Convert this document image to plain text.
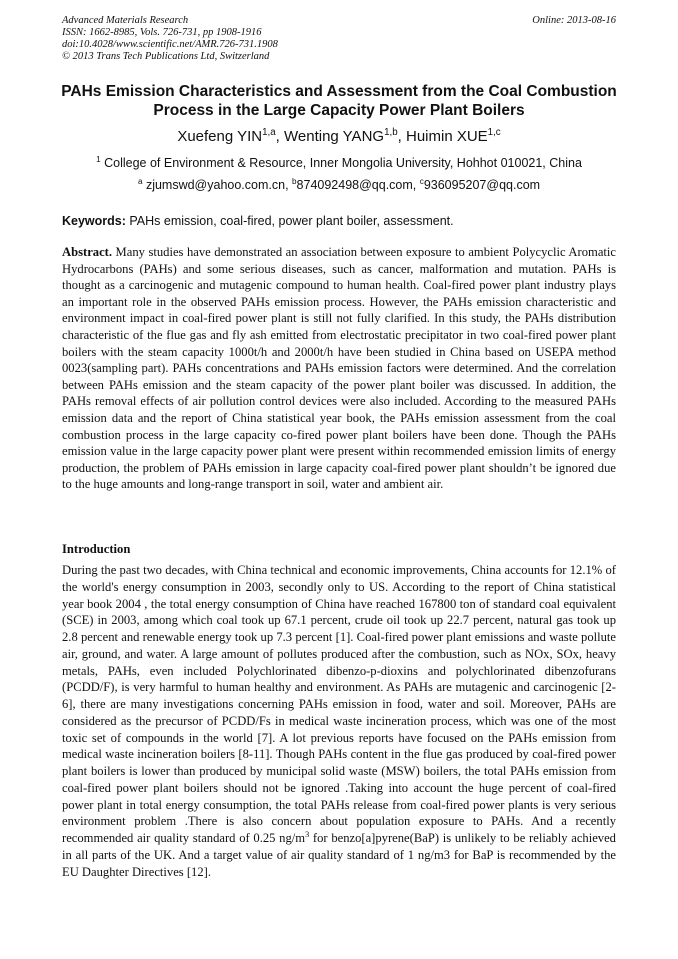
Advanced Materials Research
ISSN: 1662-8985, Vols. 726-731, pp 1908-1916
doi:10.4028/www.scientific.net/AMR.726-731.1908
© 2013 Trans Tech Publications Ltd, Switzerland
Online: 2013-08-16
PAHs Emission Characteristics and Assessment from the Coal Combustion Process in the Large Capacity Power Plant Boilers
Xuefeng YIN$^{1,a}$, Wenting YANG$^{1,b}$, Huimin XUE$^{1,c}$
$^1$ College of Environment & Resource, Inner Mongolia University, Hohhot 010021, China
$^a$ zjumswd@yahoo.com.cn, $^b$874092498@qq.com, $^c$936095207@qq.com
Keywords: PAHs emission, coal-fired, power plant boiler, assessment.
Abstract. Many studies have demonstrated an association between exposure to ambient Polycyclic Aromatic Hydrocarbons (PAHs) and some serious diseases, such as cancer, malformation and mutation. PAHs is thought as a carcinogenic and mutagenic compound to human health. Coal-fired power plant industry plays an important role in the observed PAHs emission process. However, the PAHs emission characteristic and environment impact in coal-fired power plant is still not fully clarified. In this study, the PAHs distribution characteristic of the flue gas and fly ash emitted from electrostatic precipitator in two coal-fired power plant boilers with the steam capacity 1000t/h and 2000t/h have been studied in China based on USEPA method 0023(sampling part). PAHs concentrations and PAHs emission factors were determined. And the correlation between PAHs emission and the steam capacity of the power plant boiler was discussed. In addition, the PAHs removal effects of air pollution control devices were also included. According to the measured PAHs emission data and the report of China statistical year book, the PAHs emission assessment from the coal combustion process in the large capacity co-fired power plant boilers have been done. Though the PAHs emission value in the large capacity power plant were present within recommended emission limits of energy production, the problem of PAHs emission in large capacity coal-fired power plant shouldn’t be ignored due to the huge amounts and long-range transport in soil, water and ambient air.
Introduction
During the past two decades, with China technical and economic improvements, China accounts for 12.1% of the world's energy consumption in 2003, secondly only to US. According to the report of China statistical year book 2004 , the total energy consumption of China have reached 167800 ton of standard coal equivalent (SCE) in 2003, among which coal took up 67.1 percent, crude oil took up 22.7 percent, natural gas took up 2.8 percent and renewable energy took up 7.3 percent [1]. Coal-fired power plant emissions and waste pollute air, ground, and water. A large amount of pollutes produced after the combustion, such as NOx, SOx, heavy metals, PAHs, even included Polychlorinated dibenzo-p-dioxins and polychlorinated dibenzofurans (PCDD/F), is very harmful to human healthy and environment. As PAHs are mutagenic and carcinogenic [2-6], there are many investigations concerning PAHs emission in food, water and soil. Moreover, PAHs are considered as the precursor of PCDD/Fs in medical waste incineration process, which was one of the most toxic set of compounds in the world [7]. A lot previous reports have focused on the PAHs emission from medical waste incineration boilers [8-11]. Though PAHs content in the flue gas produced by coal-fired power plant boilers is lower than produced by municipal solid waste (MSW) boilers, the total PAHs emission from coal-fired power plant boilers should not be ignored .Taking into account the huge percent of coal-fired power plant in total energy consumption, the total PAHs release from coal-fired power plants is very serious environment problem .There is also concern about population exposure to PAHs. And a recently recommended air quality standard of 0.25 $ng/m^3$ for benzo[a]pyrene(BaP) is unlikely to be reliably achieved in all parts of the UK. And a target value of air quality standard of 1 ng/m3 for BaP is recommended by the EU Daughter Directives [12].
